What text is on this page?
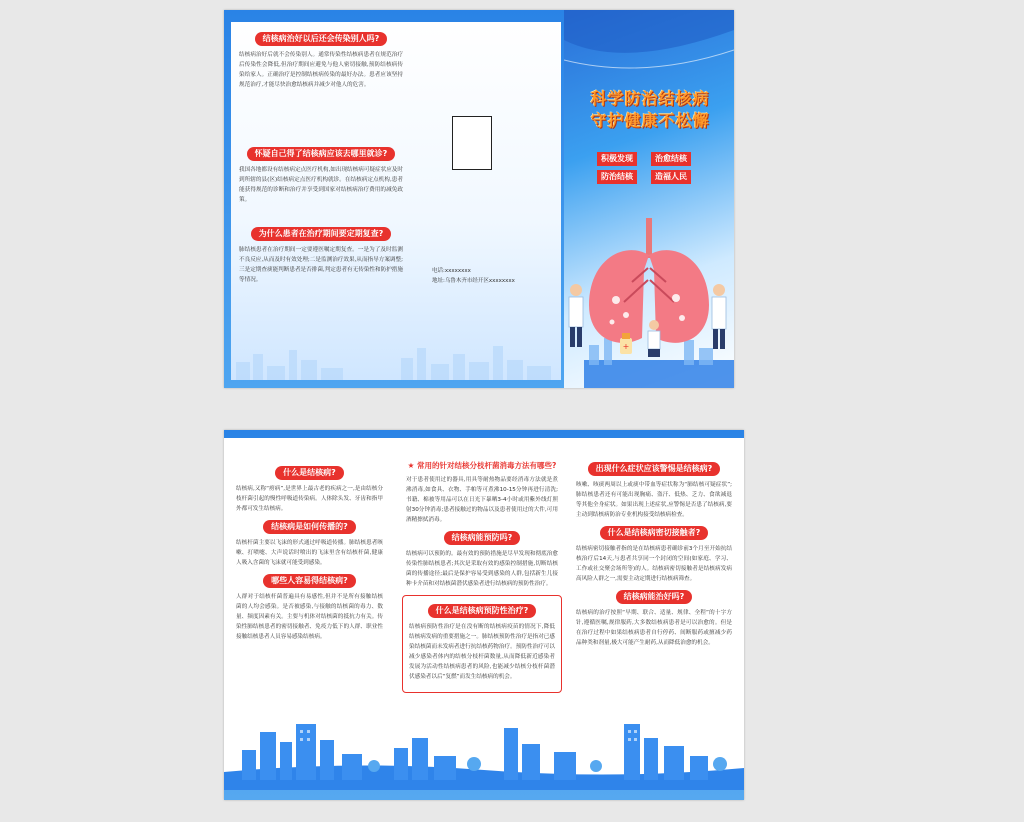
结核病治好以后还会传染别人吗?
结核病治好后就不会传染别人。通常传染性结核病患者在规范治疗后传染性会降低,但治疗期间应避免与他人密切接触,预防结核病传染给家人。正确治疗是控制结核病传染的最好办法。患者应该坚持规范治疗,才能尽快治愈结核病并减少对他人的危害。
怀疑自己得了结核病应该去哪里就诊?
我国各地都设有结核病定点医疗机构,如出现结核病可疑症状应及时到所辖的县(区)结核病定点医疗机构就诊。在结核病定点机构,患者能获得规范的诊断和治疗并享受到国家对结核病治疗费用的减免政策。
为什么患者在治疗期间要定期复查?
肺结核患者在治疗期间一定要遵医嘱定期复查。一是为了及时监测不良反应,从而及时有效处理;二是监测治疗效果,从而指导方案调整;三是定期查痰能判断患者是否排菌,判定患者有无传染性和防护措施等情况。
电话:xxxxxxxx
地址:乌鲁木齐市经开区xxxxxxxx
科学防治结核病
守护健康不松懈
积极发现	治愈结核
防治结核	造福人民
+
什么是结核病?
结核病,又称“痨病”,是世界上最古老的疾病之一,是由结核分枝杆菌引起的慢性呼吸道传染病。人体除头发、牙齿和指甲外都可发生结核病。
结核病是如何传播的?
结核杆菌主要以飞沫的形式通过呼吸道传播。肺结核患者咳嗽、打喷嚏、大声说话时喷出的飞沫里含有结核杆菌,健康人吸入含菌的飞沫就可能受到感染。
哪些人容易得结核病?
人群对于结核杆菌普遍具有易感性,但并不是所有接触结核菌的人均会感染。是否被感染,与接触的结核菌的毒力、数量、频度因素有关。主要与机体对结核菌的抵抗力有关。传染性肺结核患者的密切接触者、免疫力低下的人群、职业性接触结核患者人员容易感染结核病。
★ 常用的针对结核分枝杆菌消毒方法有哪些?
对于患者使用过的器具,用具等耐热物品要经消毒方法就是煮沸消毒,如食具、衣物、手帕等可煮沸10-15分钟再进行清洗;书籍、棉被等用品可以在日光下暴晒3-4小时或用紫外线灯照射30分钟消毒;患者接触过的物品以及患者使用过的大件,可用酒精擦拭消毒。
结核病能预防吗?
结核病可以预防的。最有效的预防措施是尽早发现和彻底治愈传染性肺结核患者;其次是采取有效的感染控制措施,切断结核菌的传播途径;最后是保护容易受到感染的人群,包括新生儿接种卡介苗和对结核菌潜伏感染者进行结核病的预防性治疗。
什么是结核病预防性治疗?
结核病预防性治疗是在没有断的结核病疫苗的情况下,降低结核病发病的重要措施之一。肺结核预防性治疗是指对已感染结核菌而未发病者进行抗结核药物治疗。预防性治疗可以减少感染者体内的结核分枝杆菌数量,从而降低新近感染者发展为活动性结核病患者的风险,也能减少结核分枝杆菌潜伏感染者以后“复燃”而发生结核病的机会。
出现什么症状应该警惕是结核病?
咳嗽、咳痰两周以上或痰中带血等症状称为“肺结核可疑症状”;肺结核患者还有可能出现胸痛、盗汗、低热、乏力、食欲减退等其他全身症状。如果出现上述症状,应警惕是否患了结核病,要主动到结核病防治专业机构接受结核病检查。
什么是结核病密切接触者?
结核病密切接触者指的是在结核病患者确诊前3个月至开始抗结核治疗后14天,与患者共享同一个封闭的空间(如家庭、学习、工作或社交聚会场所等)的人。结核病密切接触者是结核病发病高风险人群之一,需要主动定期进行结核病筛查。
结核病能治好吗?
结核病的治疗按照“早期、联合、适量、规律、全程”的十字方针,遵循医嘱,规律服药,大多数结核病患者是可以治愈的。但是在治疗过程中如果结核病患者自行停药、间断服药或擅减少药品种类和剂量,极大可能产生耐药,从而降低治愈的机会。
